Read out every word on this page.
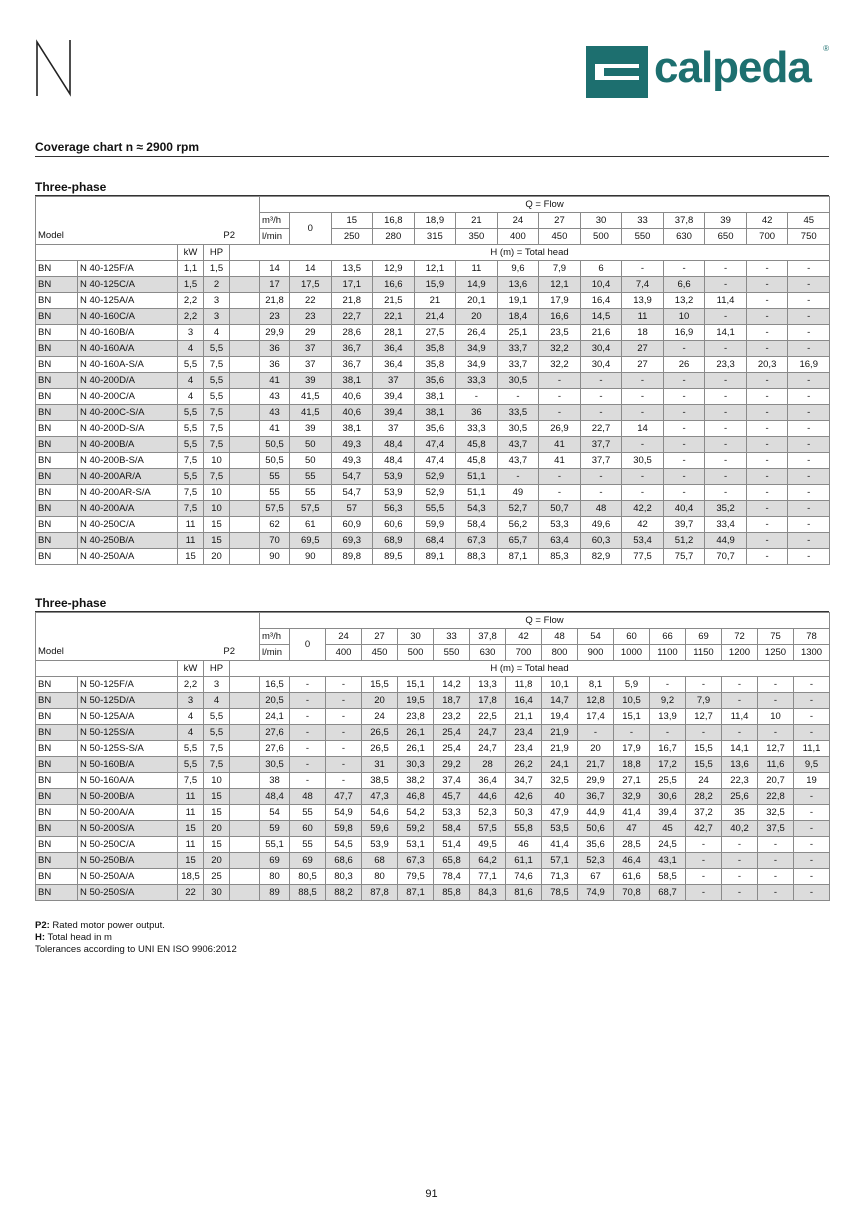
calpeda ®
Coverage chart n ≈ 2900 rpm
Three-phase
					Q = Flow														
					m³/h	0	15	16,8	18,9	21	24	27	30	33	37,8	39	42	45	
Model		P2			l/min		250	280	315	350	400	450	500	550	630	650	700	750	
		kW	HP	H (m) = Total head															
BN	N 40-125F/A	1,1	1,5		14	14	13,5	12,9	12,1	11	9,6	7,9	6	-	-	-	-	-	
BN	N 40-125C/A	1,5	2		17	17,5	17,1	16,6	15,9	14,9	13,6	12,1	10,4	7,4	6,6	-	-	-	
BN	N 40-125A/A	2,2	3		21,8	22	21,8	21,5	21	20,1	19,1	17,9	16,4	13,9	13,2	11,4	-	-	
BN	N 40-160C/A	2,2	3		23	23	22,7	22,1	21,4	20	18,4	16,6	14,5	11	10	-	-	-	
BN	N 40-160B/A	3	4		29,9	29	28,6	28,1	27,5	26,4	25,1	23,5	21,6	18	16,9	14,1	-	-	
BN	N 40-160A/A	4	5,5		36	37	36,7	36,4	35,8	34,9	33,7	32,2	30,4	27	-	-	-	-	
BN	N 40-160A-S/A	5,5	7,5		36	37	36,7	36,4	35,8	34,9	33,7	32,2	30,4	27	26	23,3	20,3	16,9	
BN	N 40-200D/A	4	5,5		41	39	38,1	37	35,6	33,3	30,5	-	-	-	-	-	-	-	
BN	N 40-200C/A	4	5,5		43	41,5	40,6	39,4	38,1	-	-	-	-	-	-	-	-	-	
BN	N 40-200C-S/A	5,5	7,5		43	41,5	40,6	39,4	38,1	36	33,5	-	-	-	-	-	-	-	
BN	N 40-200D-S/A	5,5	7,5		41	39	38,1	37	35,6	33,3	30,5	26,9	22,7	14	-	-	-	-	
BN	N 40-200B/A	5,5	7,5		50,5	50	49,3	48,4	47,4	45,8	43,7	41	37,7	-	-	-	-	-	
BN	N 40-200B-S/A	7,5	10		50,5	50	49,3	48,4	47,4	45,8	43,7	41	37,7	30,5	-	-	-	-	
BN	N 40-200AR/A	5,5	7,5		55	55	54,7	53,9	52,9	51,1	-	-	-	-	-	-	-	-	
BN	N 40-200AR-S/A	7,5	10		55	55	54,7	53,9	52,9	51,1	49	-	-	-	-	-	-	-	
BN	N 40-200A/A	7,5	10		57,5	57,5	57	56,3	55,5	54,3	52,7	50,7	48	42,2	40,4	35,2	-	-	
BN	N 40-250C/A	11	15		62	61	60,9	60,6	59,9	58,4	56,2	53,3	49,6	42	39,7	33,4	-	-	
BN	N 40-250B/A	11	15		70	69,5	69,3	68,9	68,4	67,3	65,7	63,4	60,3	53,4	51,2	44,9	-	-	
BN	N 40-250A/A	15	20		90	90	89,8	89,5	89,1	88,3	87,1	85,3	82,9	77,5	75,7	70,7	-	-	
Three-phase
					Q = Flow																
					m³/h	0	24	27	30	33	37,8	42	48	54	60	66	69	72	75	78	
Model		P2			l/min		400	450	500	550	630	700	800	900	1000	1100	1150	1200	1250	1300	
		kW	HP	H (m) = Total head																	
BN	N 50-125F/A	2,2	3		16,5	-	-	15,5	15,1	14,2	13,3	11,8	10,1	8,1	5,9	-	-	-	-	-	
BN	N 50-125D/A	3	4		20,5	-	-	20	19,5	18,7	17,8	16,4	14,7	12,8	10,5	9,2	7,9	-	-	-	
BN	N 50-125A/A	4	5,5		24,1	-	-	24	23,8	23,2	22,5	21,1	19,4	17,4	15,1	13,9	12,7	11,4	10	-	
BN	N 50-125S/A	4	5,5		27,6	-	-	26,5	26,1	25,4	24,7	23,4	21,9	-	-	-	-	-	-	-	
BN	N 50-125S-S/A	5,5	7,5		27,6	-	-	26,5	26,1	25,4	24,7	23,4	21,9	20	17,9	16,7	15,5	14,1	12,7	11,1	
BN	N 50-160B/A	5,5	7,5		30,5	-	-	31	30,3	29,2	28	26,2	24,1	21,7	18,8	17,2	15,5	13,6	11,6	9,5	
BN	N 50-160A/A	7,5	10		38	-	-	38,5	38,2	37,4	36,4	34,7	32,5	29,9	27,1	25,5	24	22,3	20,7	19	
BN	N 50-200B/A	11	15		48,4	48	47,7	47,3	46,8	45,7	44,6	42,6	40	36,7	32,9	30,6	28,2	25,6	22,8	-	
BN	N 50-200A/A	11	15		54	55	54,9	54,6	54,2	53,3	52,3	50,3	47,9	44,9	41,4	39,4	37,2	35	32,5	-	
BN	N 50-200S/A	15	20		59	60	59,8	59,6	59,2	58,4	57,5	55,8	53,5	50,6	47	45	42,7	40,2	37,5	-	
BN	N 50-250C/A	11	15		55,1	55	54,5	53,9	53,1	51,4	49,5	46	41,4	35,6	28,5	24,5	-	-	-	-	
BN	N 50-250B/A	15	20		69	69	68,6	68	67,3	65,8	64,2	61,1	57,1	52,3	46,4	43,1	-	-	-	-	
BN	N 50-250A/A	18,5	25		80	80,5	80,3	80	79,5	78,4	77,1	74,6	71,3	67	61,6	58,5	-	-	-	-	
BN	N 50-250S/A	22	30		89	88,5	88,2	87,8	87,1	85,8	84,3	81,6	78,5	74,9	70,8	68,7	-	-	-	-	
P2: Rated motor power output.
H: Total head in m
Tolerances according to UNI EN ISO 9906:2012
91
